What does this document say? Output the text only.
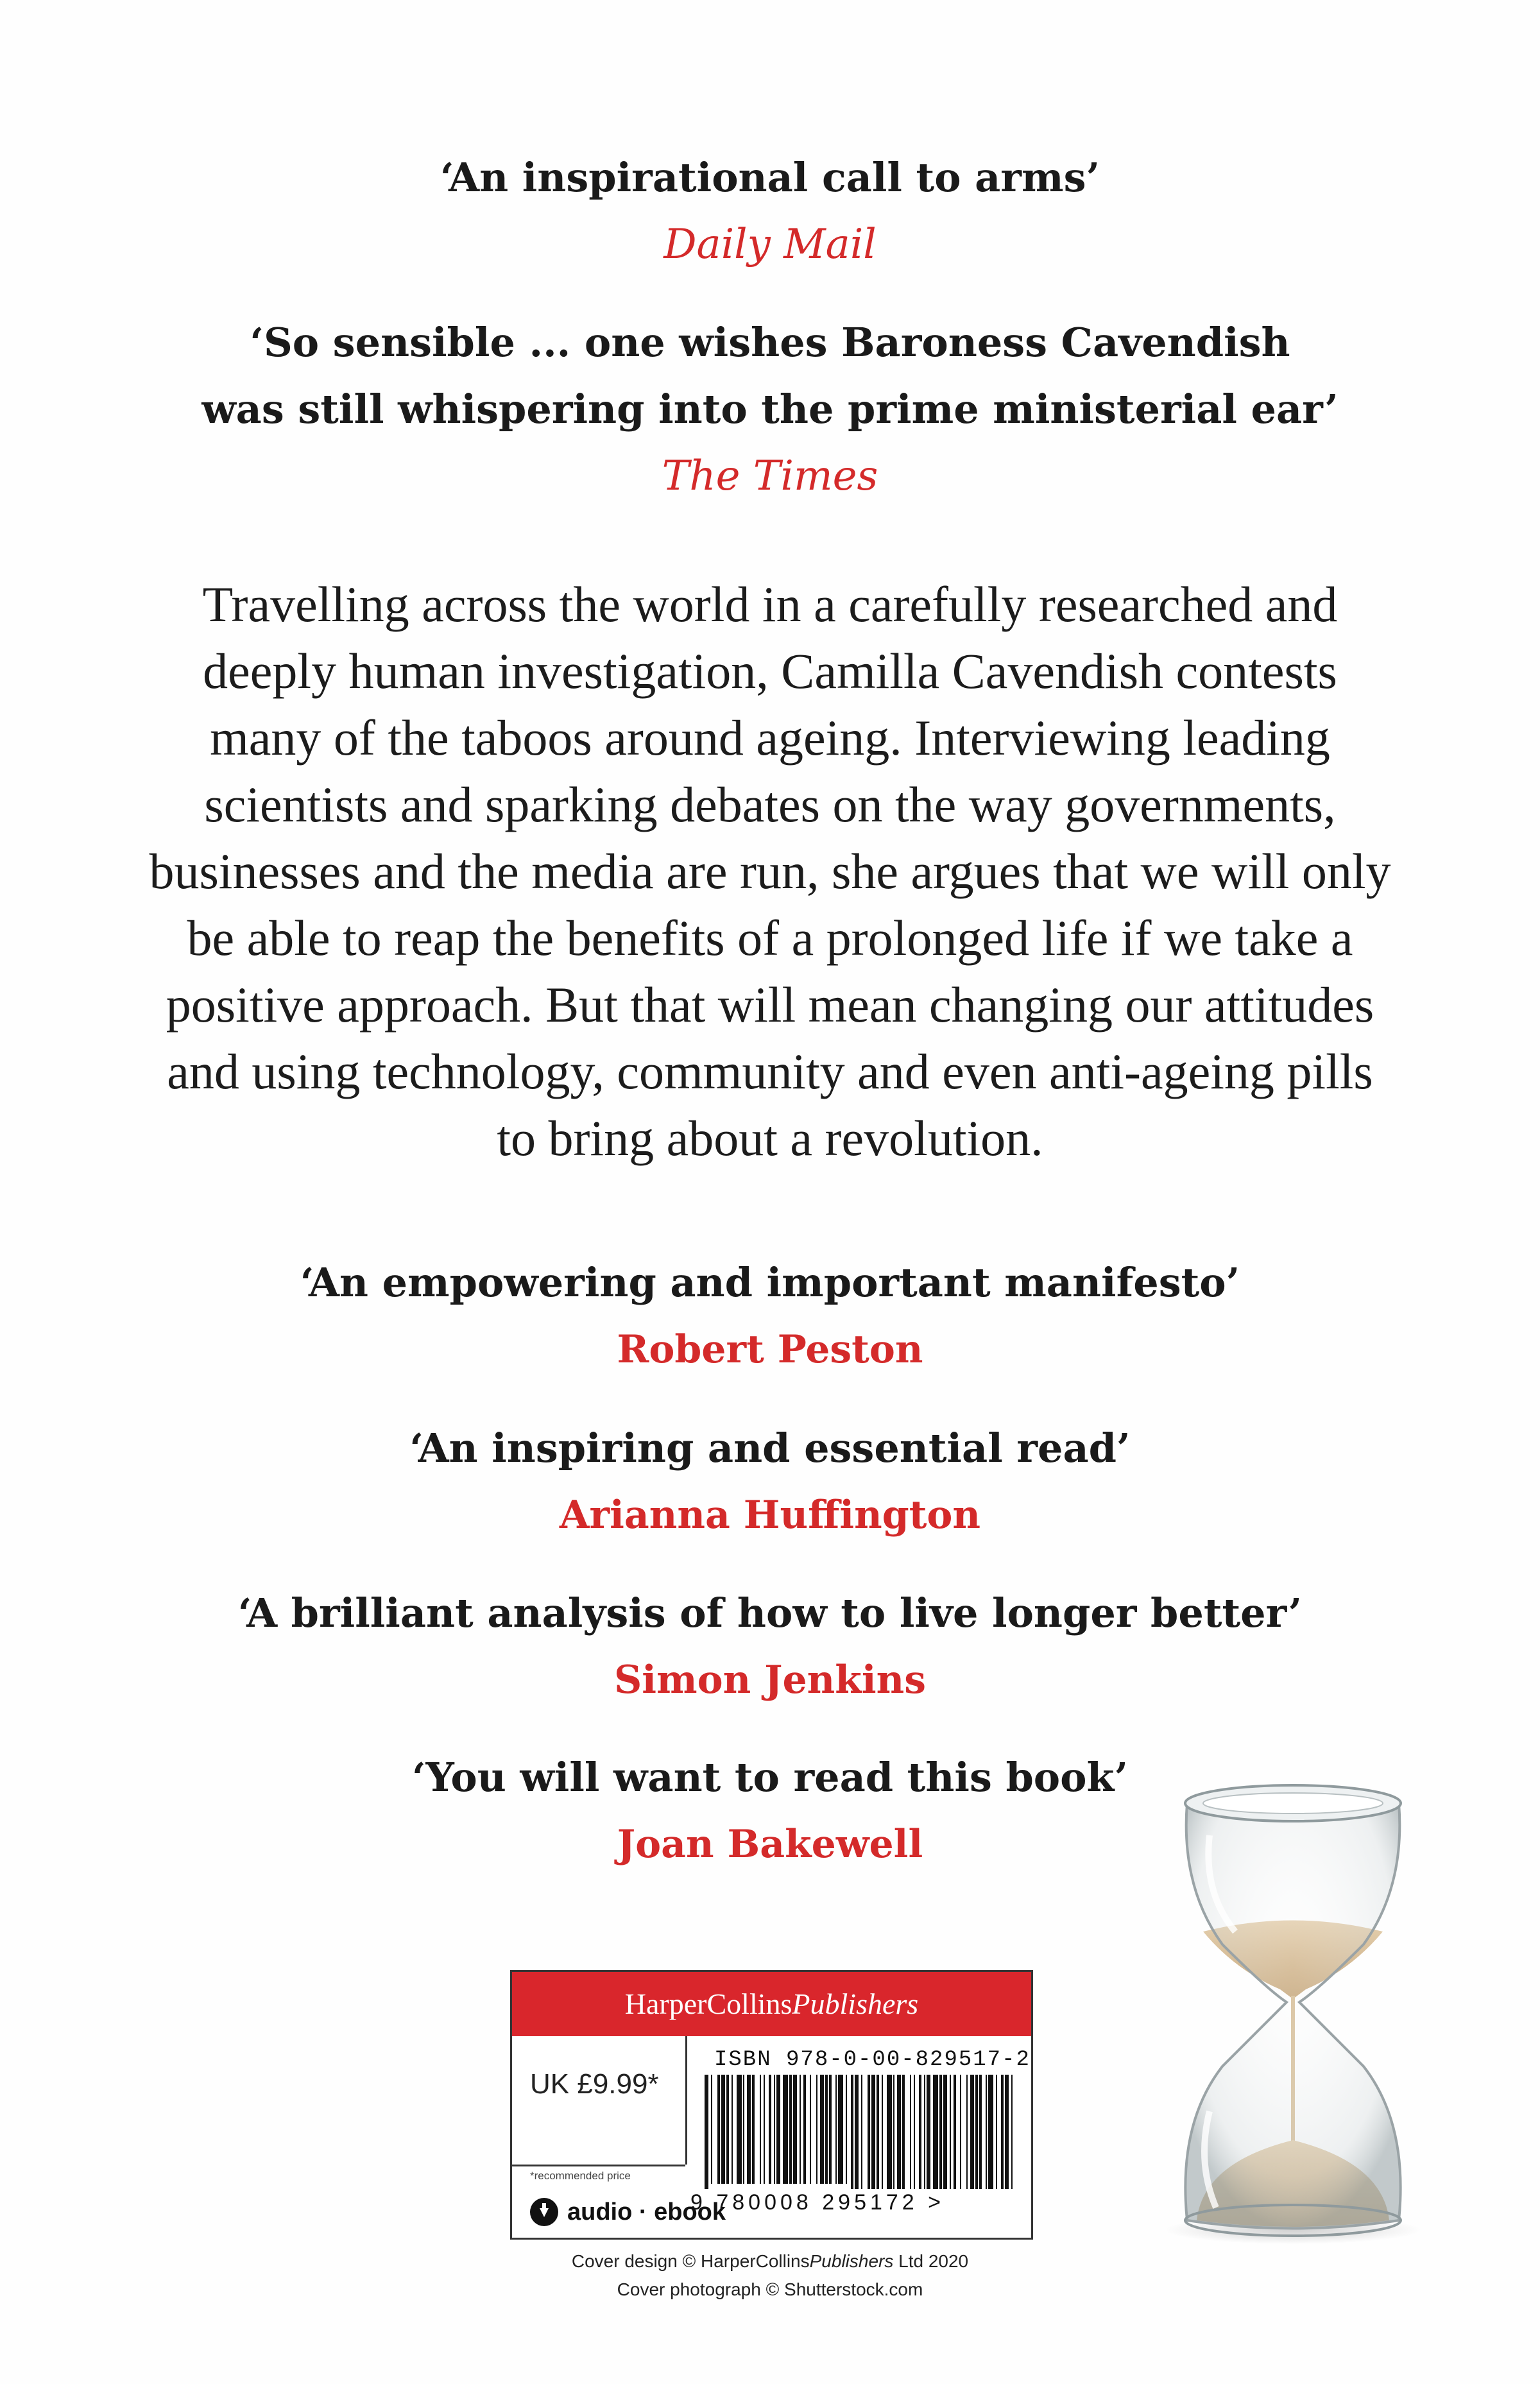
‘An inspirational call to arms’

Daily Mail

‘So sensible ... one wishes Baroness Cavendish

was still whispering into the prime ministerial ear’

The Times

Travelling across the world in a carefully researched and deeply human investigation, Camilla Cavendish contests many of the taboos around ageing. Interviewing leading scientists and sparking debates on the way governments, businesses and the media are run, she argues that we will only be able to reap the benefits of a prolonged life if we take a positive approach. But that will mean changing our attitudes and using technology, community and even anti-ageing pills to bring about a revolution.

‘An empowering and important manifesto’

Robert Peston

‘An inspiring and essential read’

Arianna Huffington

‘A brilliant analysis of how to live longer better’

Simon Jenkins

‘You will want to read this book’

Joan Bakewell

HarperCollinsPublishers
UK £9.99*
*recommended price
audio · ebook
ISBN 978-0-00-829517-2
9 780008 295172 >

Cover design © HarperCollinsPublishers Ltd 2020

Cover photograph © Shutterstock.com
